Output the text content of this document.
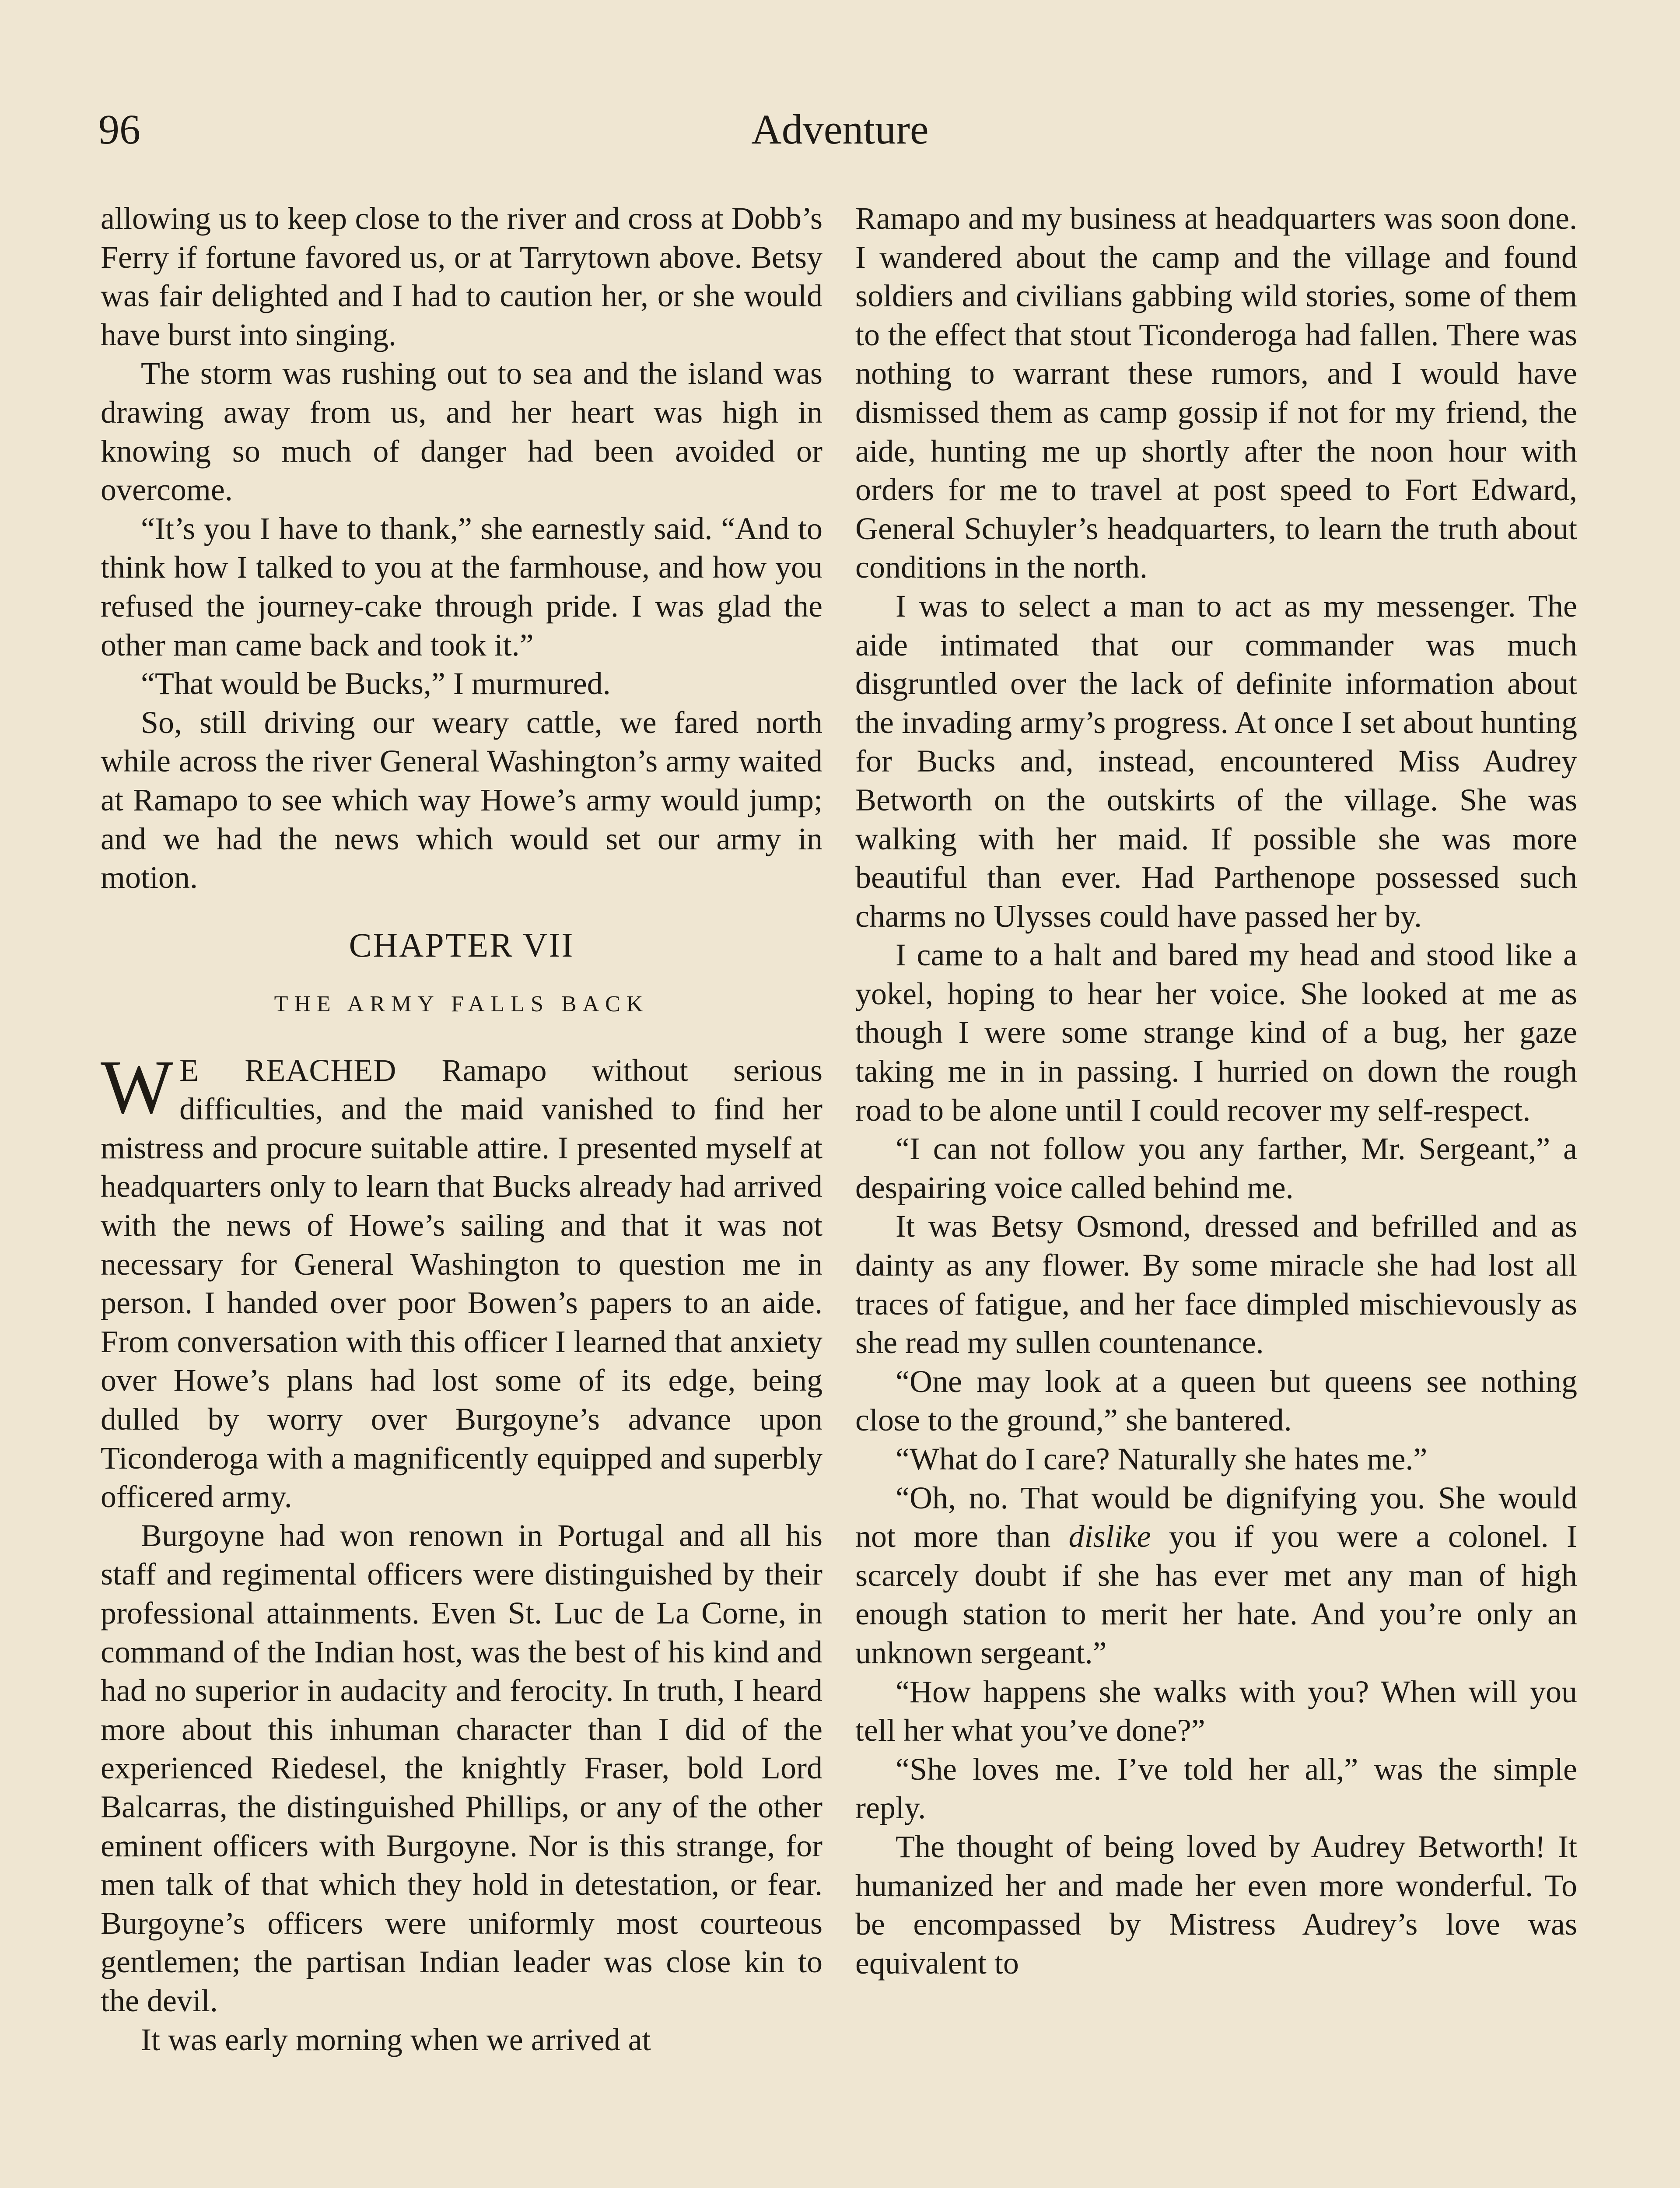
96	Adventure

allowing us to keep close to the river and cross at Dobb’s Ferry if fortune favored us, or at Tarrytown above. Betsy was fair delighted and I had to caution her, or she would have burst into singing.

The storm was rushing out to sea and the island was drawing away from us, and her heart was high in knowing so much of danger had been avoided or overcome.

“It’s you I have to thank,” she earnestly said. “And to think how I talked to you at the farmhouse, and how you refused the journey-cake through pride. I was glad the other man came back and took it.”

“That would be Bucks,” I murmured.

So, still driving our weary cattle, we fared north while across the river General Washington’s army waited at Ramapo to see which way Howe’s army would jump; and we had the news which would set our army in motion.

CHAPTER VII
THE ARMY FALLS BACK

W E REACHED Ramapo without serious difficulties, and the maid vanished to find her mistress and procure suitable attire. I presented myself at headquarters only to learn that Bucks already had arrived with the news of Howe’s sailing and that it was not necessary for General Washington to question me in person. I handed over poor Bowen’s papers to an aide. From conversation with this officer I learned that anxiety over Howe’s plans had lost some of its edge, being dulled by worry over Burgoyne’s advance upon Ticonderoga with a magnificently equipped and superbly officered army.

Burgoyne had won renown in Portugal and all his staff and regimental officers were distinguished by their professional attainments. Even St. Luc de La Corne, in command of the Indian host, was the best of his kind and had no superior in audacity and ferocity. In truth, I heard more about this inhuman character than I did of the experienced Riedesel, the knightly Fraser, bold Lord Balcarras, the distinguished Phillips, or any of the other eminent officers with Burgoyne. Nor is this strange, for men talk of that which they hold in detestation, or fear. Burgoyne’s officers were uniformly most courteous gentlemen; the partisan Indian leader was close kin to the devil.

It was early morning when we arrived at

Ramapo and my business at headquarters was soon done. I wandered about the camp and the village and found soldiers and civilians gabbing wild stories, some of them to the effect that stout Ticonderoga had fallen. There was nothing to warrant these rumors, and I would have dismissed them as camp gossip if not for my friend, the aide, hunting me up shortly after the noon hour with orders for me to travel at post speed to Fort Edward, General Schuyler’s headquarters, to learn the truth about conditions in the north.

I was to select a man to act as my messenger. The aide intimated that our commander was much disgruntled over the lack of definite information about the invading army’s progress. At once I set about hunting for Bucks and, instead, encountered Miss Audrey Betworth on the outskirts of the village. She was walking with her maid. If possible she was more beautiful than ever. Had Parthenope possessed such charms no Ulysses could have passed her by.

I came to a halt and bared my head and stood like a yokel, hoping to hear her voice. She looked at me as though I were some strange kind of a bug, her gaze taking me in in passing. I hurried on down the rough road to be alone until I could recover my self-respect.

“I can not follow you any farther, Mr. Sergeant,” a despairing voice called behind me.

It was Betsy Osmond, dressed and befrilled and as dainty as any flower. By some miracle she had lost all traces of fatigue, and her face dimpled mischievously as she read my sullen countenance.

“One may look at a queen but queens see nothing close to the ground,” she bantered.

“What do I care? Naturally she hates me.”

“Oh, no. That would be dignifying you. She would not more than dislike you if you were a colonel. I scarcely doubt if she has ever met any man of high enough station to merit her hate. And you’re only an unknown sergeant.”

“How happens she walks with you? When will you tell her what you’ve done?”

“She loves me. I’ve told her all,” was the simple reply.

The thought of being loved by Audrey Betworth! It humanized her and made her even more wonderful. To be encompassed by Mistress Audrey’s love was equivalent to
